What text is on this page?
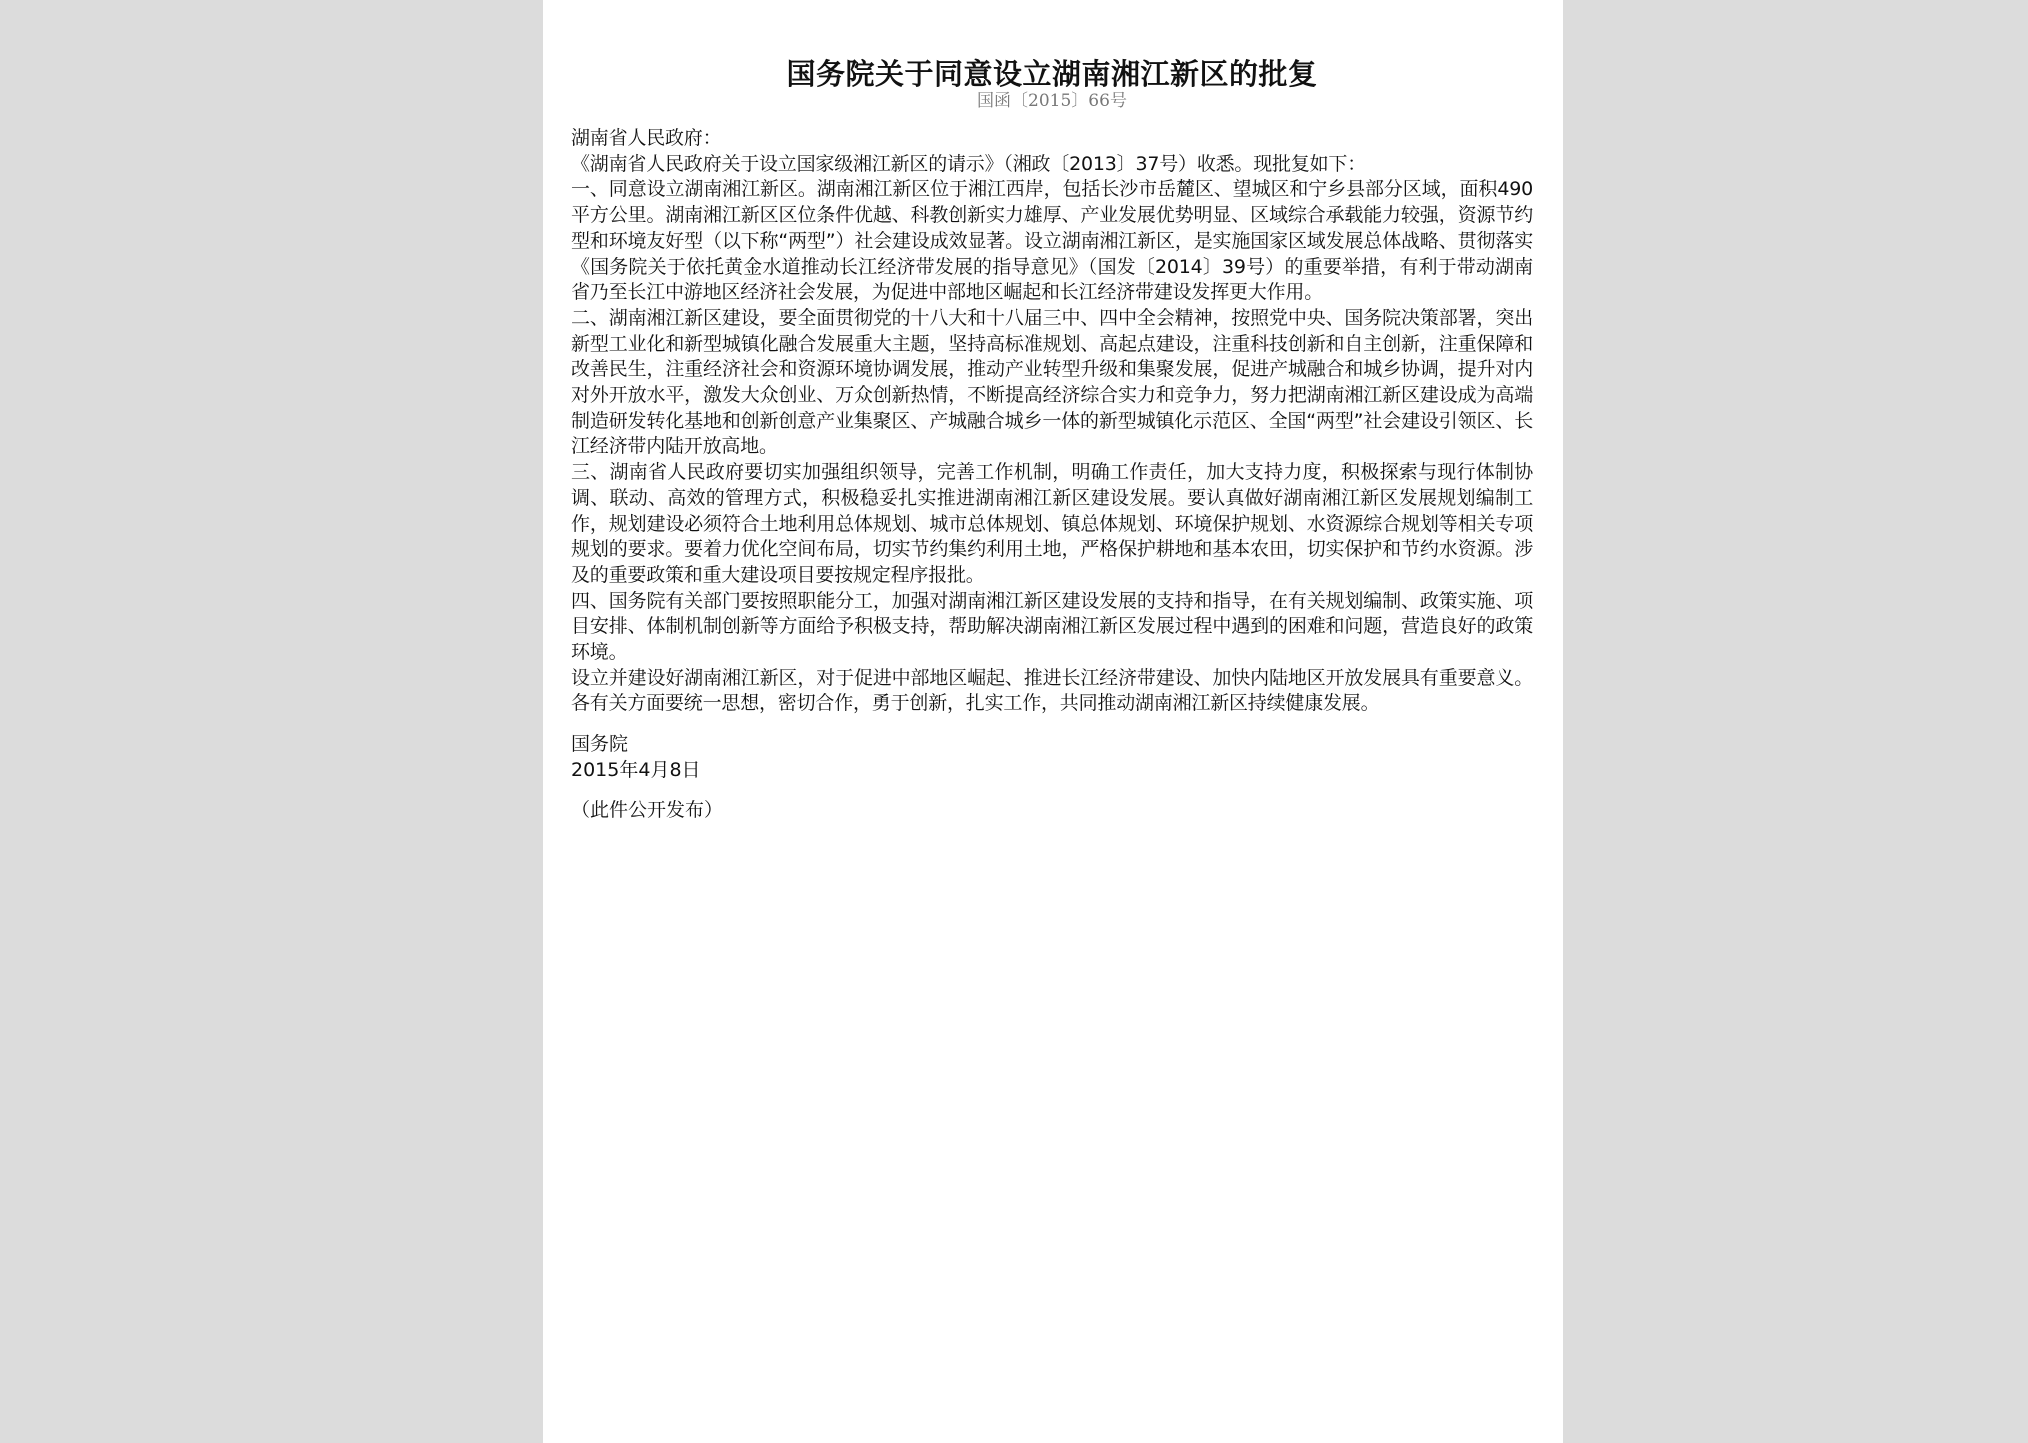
国务院关于同意设立湖南湘江新区的批复
国函〔2015〕66号

湖南省人民政府：

《湖南省人民政府关于设立国家级湘江新区的请示》（湘政〔2013〕37号）收悉。现批复如下：

一、同意设立湖南湘江新区。湖南湘江新区位于湘江西岸，包括长沙市岳麓区、望城区和宁乡县部分区域，面积490平方公里。湖南湘江新区区位条件优越、科教创新实力雄厚、产业发展优势明显、区域综合承载能力较强，资源节约型和环境友好型（以下称“两型”）社会建设成效显著。设立湖南湘江新区，是实施国家区域发展总体战略、贯彻落实《国务院关于依托黄金水道推动长江经济带发展的指导意见》（国发〔2014〕39号）的重要举措，有利于带动湖南省乃至长江中游地区经济社会发展，为促进中部地区崛起和长江经济带建设发挥更大作用。

二、湖南湘江新区建设，要全面贯彻党的十八大和十八届三中、四中全会精神，按照党中央、国务院决策部署，突出新型工业化和新型城镇化融合发展重大主题，坚持高标准规划、高起点建设，注重科技创新和自主创新，注重保障和改善民生，注重经济社会和资源环境协调发展，推动产业转型升级和集聚发展，促进产城融合和城乡协调，提升对内对外开放水平，激发大众创业、万众创新热情，不断提高经济综合实力和竞争力，努力把湖南湘江新区建设成为高端制造研发转化基地和创新创意产业集聚区、产城融合城乡一体的新型城镇化示范区、全国“两型”社会建设引领区、长江经济带内陆开放高地。

三、湖南省人民政府要切实加强组织领导，完善工作机制，明确工作责任，加大支持力度，积极探索与现行体制协调、联动、高效的管理方式，积极稳妥扎实推进湖南湘江新区建设发展。要认真做好湖南湘江新区发展规划编制工作，规划建设必须符合土地利用总体规划、城市总体规划、镇总体规划、环境保护规划、水资源综合规划等相关专项规划的要求。要着力优化空间布局，切实节约集约利用土地，严格保护耕地和基本农田，切实保护和节约水资源。涉及的重要政策和重大建设项目要按规定程序报批。

四、国务院有关部门要按照职能分工，加强对湖南湘江新区建设发展的支持和指导，在有关规划编制、政策实施、项目安排、体制机制创新等方面给予积极支持，帮助解决湖南湘江新区发展过程中遇到的困难和问题，营造良好的政策环境。

设立并建设好湖南湘江新区，对于促进中部地区崛起、推进长江经济带建设、加快内陆地区开放发展具有重要意义。各有关方面要统一思想，密切合作，勇于创新，扎实工作，共同推动湖南湘江新区持续健康发展。

国务院
2015年4月8日
（此件公开发布）
